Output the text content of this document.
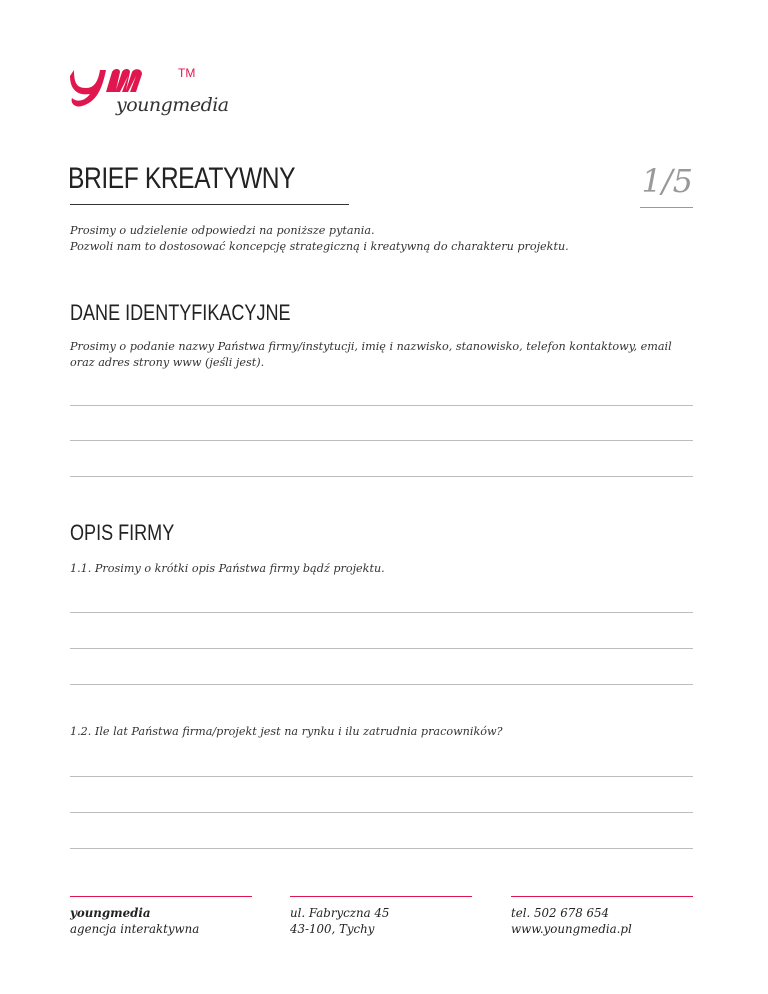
TM
youngmedia
BRIEF KREATYWNY	1/5

Prosimy o udzielenie odpowiedzi na poniższe pytania.

Pozwoli nam to dostosować koncepcję strategiczną i kreatywną do charakteru projektu.

DANE IDENTYFIKACYJNE
Prosimy o podanie nazwy Państwa firmy/instytucji, imię i nazwisko, stanowisko, telefon kontaktowy, email oraz adres strony www (jeśli jest).
OPIS FIRMY
1.1. Prosimy o krótki opis Państwa firmy bądź projektu.
1.2. Ile lat Państwa firma/projekt jest na rynku i ilu zatrudnia pracowników?
youngmedia
agencja interaktywna
ul. Fabryczna 45
43-100, Tychy
tel. 502 678 654
www.youngmedia.pl
